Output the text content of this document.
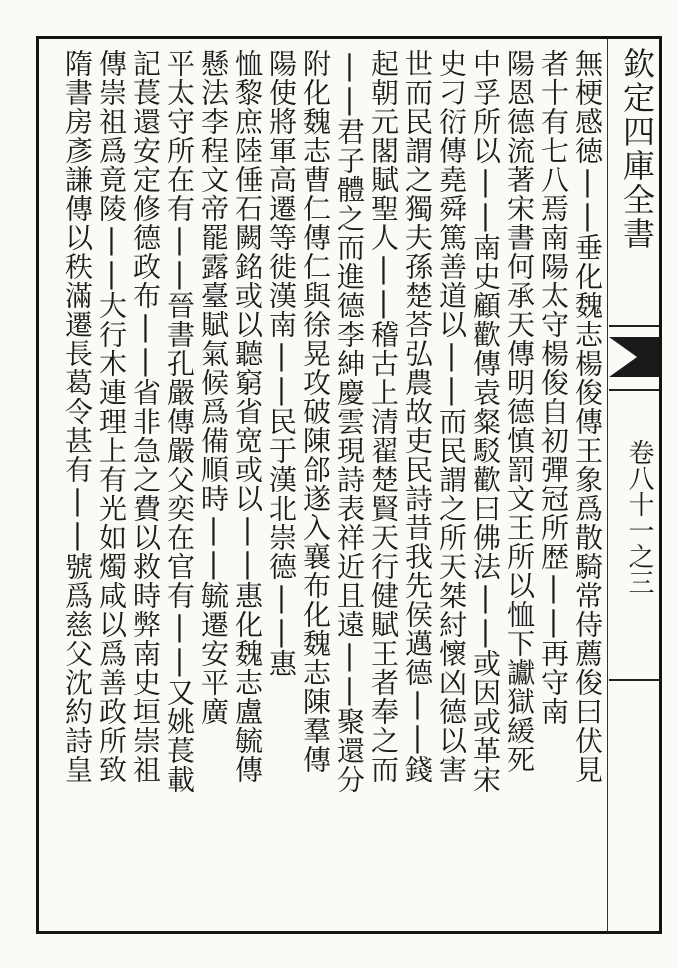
欽定四庫全書
卷八十一之三
無梗感徳||垂化魏志楊俊傳王象爲散騎常侍薦俊曰伏見
者十有七八焉南陽太守楊俊自初彈冠所歴||再守南
陽恩德流著宋書何承天傳明德慎罰文王所以恤下讞獄緩死
中孚所以||南史顧歡傳袁粲駁歡曰佛法||或因或革宋
史刁衍傳堯舜篤善道以||而民謂之所天桀紂懷凶德以害
世而民謂之獨夫孫楚荅弘農故吏民詩昔我先侯邁德||錢
起朝元閣賦聖人||稽古上清翟楚賢天行健賦王者奉之而
||君子體之而進德李紳慶雲現詩表祥近且遠||聚還分
附化魏志曹仁傳仁與徐晃攻破陳郃遂入襄布化魏志陳羣傳
陽使將軍高遷等徙漢南||民于漢北崇德||惠
恤黎庶陸倕石闕銘或以聽窮省宽或以||惠化魏志盧毓傳
懸法李程文帝罷露臺賦氣候爲備順時||毓遷安平廣
平太守所在有||晉書孔嚴傳嚴父奕在官有||又姚萇載
記萇還安定修德政布||省非急之費以救時弊南史垣崇祖
傳崇祖爲竟陵||大行木連理上有光如燭咸以爲善政所致
隋書房彥謙傳以秩滿遷長葛令甚有||號爲慈父沈約詩皇
